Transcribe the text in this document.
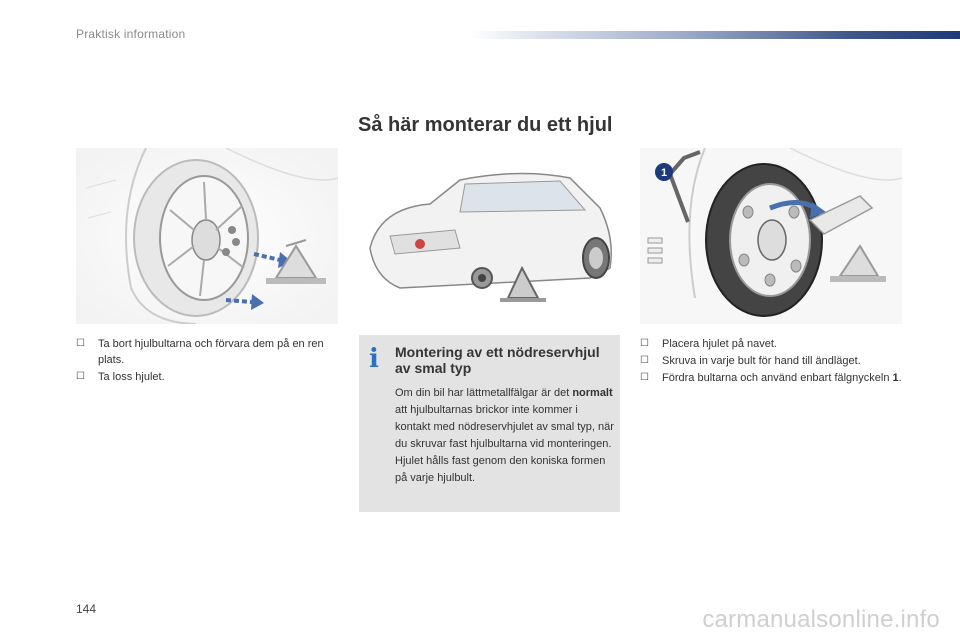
Praktisk information
Så här monterar du ett hjul
1
☐ Ta bort hjulbultarna och förvara dem på en ren plats.
☐ Ta loss hjulet.
i Montering av ett nödreservhjul av smal typ
Om din bil har lättmetallfälgar är det normalt att hjulbultarnas brickor inte kommer i kontakt med nödreservhjulet av smal typ, när du skruvar fast hjulbultarna vid monteringen. Hjulet hålls fast genom den koniska formen på varje hjulbult.
☐ Placera hjulet på navet.
☐ Skruva in varje bult för hand till ändläget.
☐ Fördra bultarna och använd enbart fälgnyckeln 1.
144	carmanualsonline.info
